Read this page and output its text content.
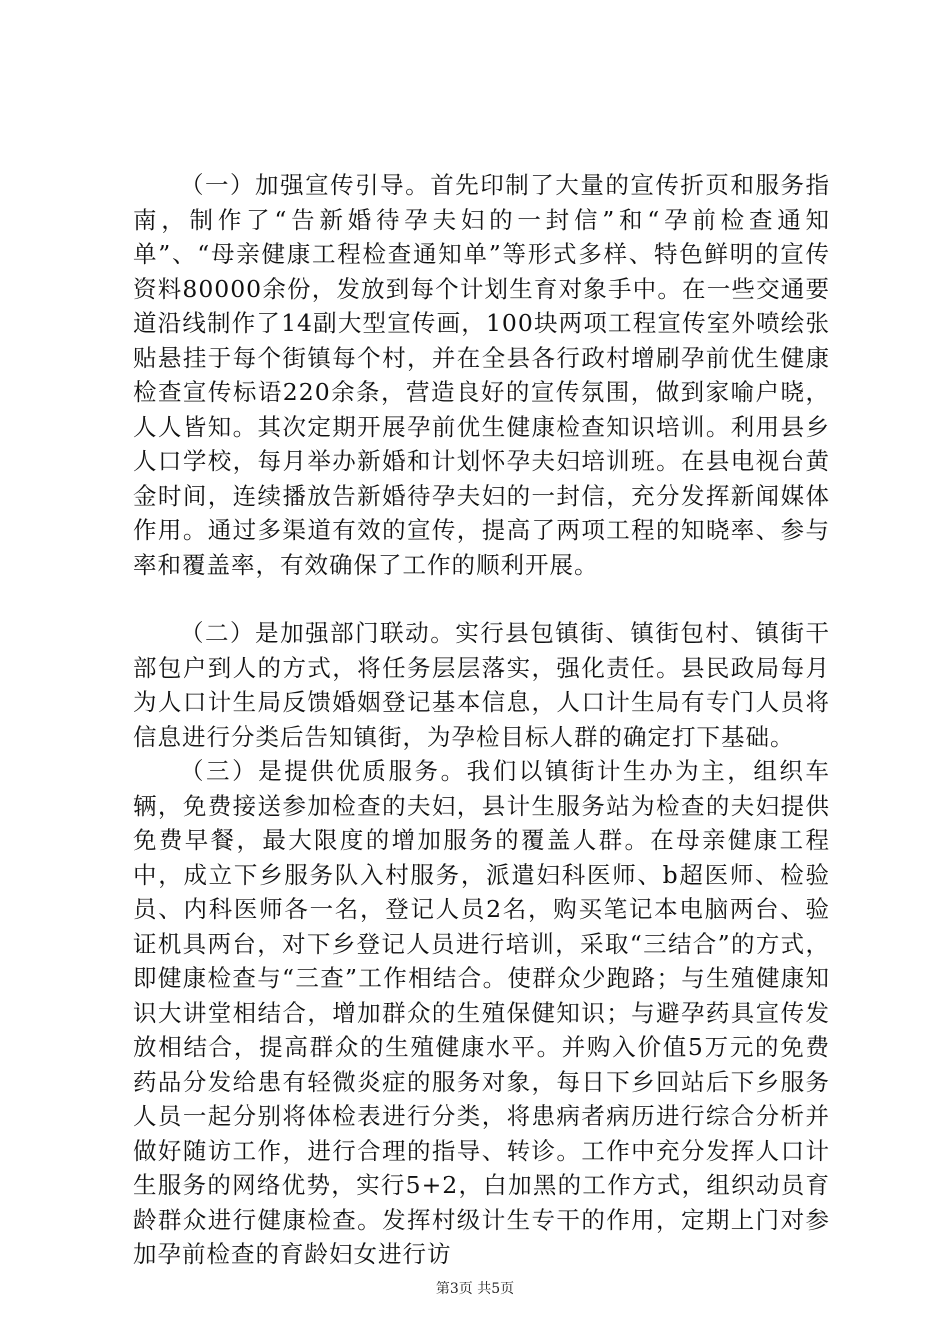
（一）加强宣传引导。首先印制了大量的宣传折页和服务指南，制作了“告新婚待孕夫妇的一封信”和“孕前检查通知单”、“母亲健康工程检查通知单”等形式多样、特色鲜明的宣传资料80000余份，发放到每个计划生育对象手中。在一些交通要道沿线制作了14副大型宣传画，100块两项工程宣传室外喷绘张贴悬挂于每个街镇每个村，并在全县各行政村增刷孕前优生健康检查宣传标语220余条，营造良好的宣传氛围，做到家喻户晓，人人皆知。其次定期开展孕前优生健康检查知识培训。利用县乡人口学校，每月举办新婚和计划怀孕夫妇培训班。在县电视台黄金时间，连续播放告新婚待孕夫妇的一封信，充分发挥新闻媒体作用。通过多渠道有效的宣传，提高了两项工程的知晓率、参与率和覆盖率，有效确保了工作的顺利开展。

（二）是加强部门联动。实行县包镇街、镇街包村、镇街干部包户到人的方式，将任务层层落实，强化责任。县民政局每月为人口计生局反馈婚姻登记基本信息，人口计生局有专门人员将信息进行分类后告知镇街，为孕检目标人群的确定打下基础。

（三）是提供优质服务。我们以镇街计生办为主，组织车辆，免费接送参加检查的夫妇，县计生服务站为检查的夫妇提供免费早餐，最大限度的增加服务的覆盖人群。在母亲健康工程中，成立下乡服务队入村服务，派遣妇科医师、b超医师、检验员、内科医师各一名，登记人员2名，购买笔记本电脑两台、验证机具两台，对下乡登记人员进行培训，采取“三结合”的方式，即健康检查与“三查”工作相结合。使群众少跑路；与生殖健康知识大讲堂相结合，增加群众的生殖保健知识；与避孕药具宣传发放相结合，提高群众的生殖健康水平。并购入价值5万元的免费药品分发给患有轻微炎症的服务对象，每日下乡回站后下乡服务人员一起分别将体检表进行分类，将患病者病历进行综合分析并做好随访工作，进行合理的指导、转诊。工作中充分发挥人口计生服务的网络优势，实行5+2，白加黑的工作方式，组织动员育龄群众进行健康检查。发挥村级计生专干的作用，定期上门对参加孕前检查的育龄妇女进行访

第3页 共5页
